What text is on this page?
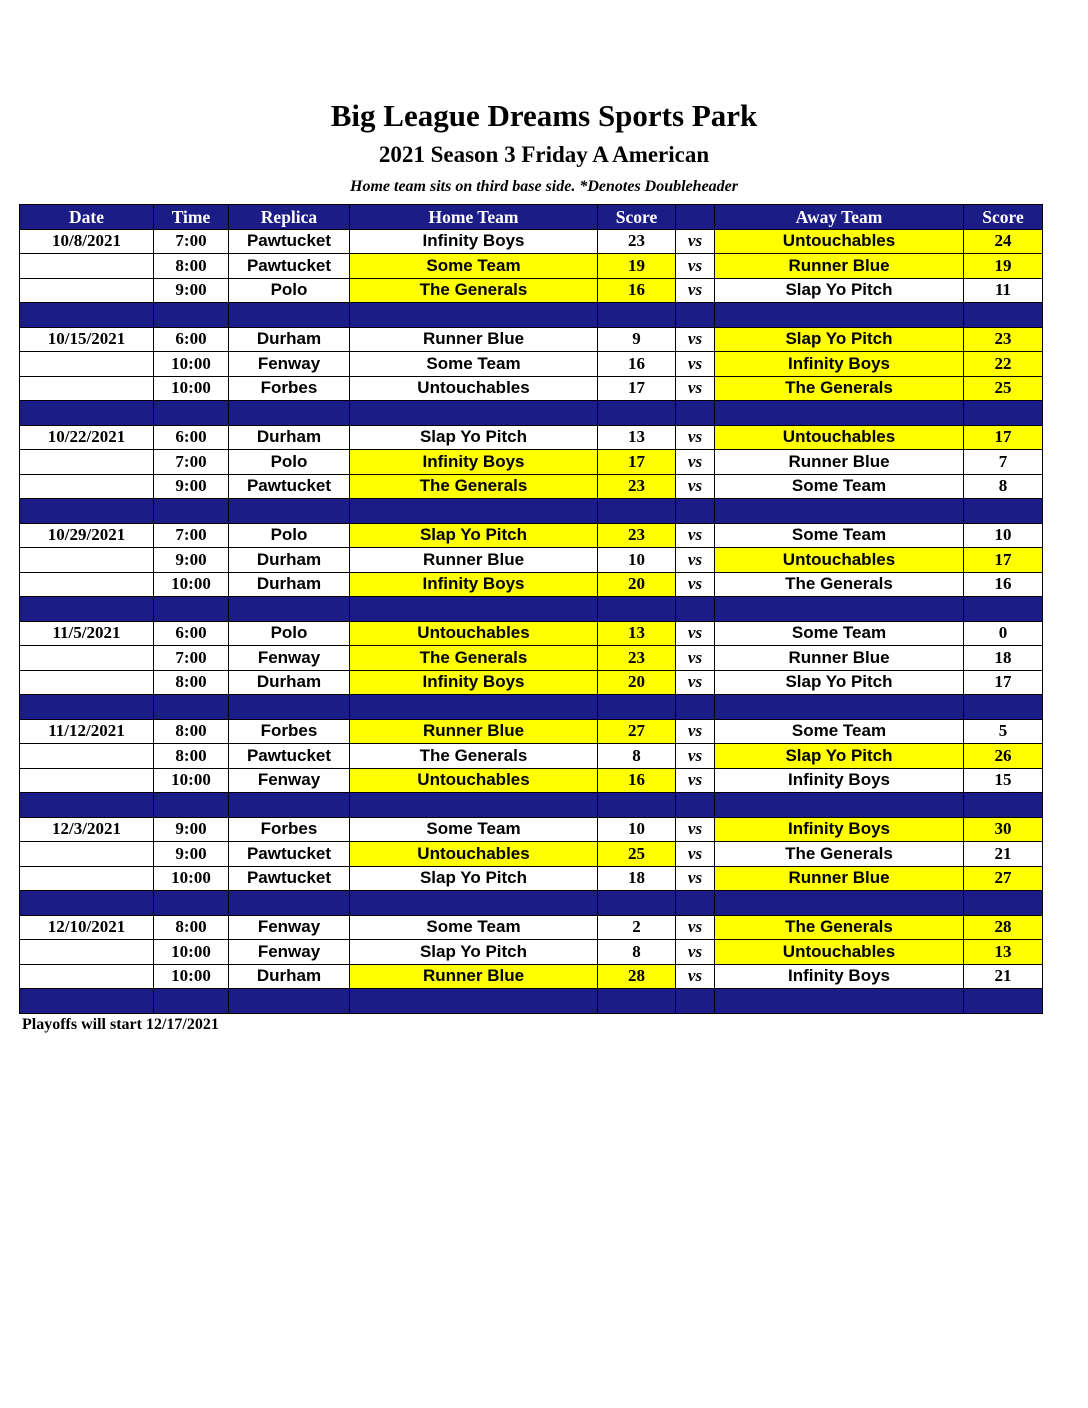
Big League Dreams Sports Park
2021 Season 3 Friday A American
Home team sits on third base side. *Denotes Doubleheader
Date	Time	Replica	Home Team	Score		Away Team	Score
10/8/2021	7:00	Pawtucket	Infinity Boys	23	vs	Untouchables	24
	8:00	Pawtucket	Some Team	19	vs	Runner Blue	19
	9:00	Polo	The Generals	16	vs	Slap Yo Pitch	11

10/15/2021	6:00	Durham	Runner Blue	9	vs	Slap Yo Pitch	23
	10:00	Fenway	Some Team	16	vs	Infinity Boys	22
	10:00	Forbes	Untouchables	17	vs	The Generals	25

10/22/2021	6:00	Durham	Slap Yo Pitch	13	vs	Untouchables	17
	7:00	Polo	Infinity Boys	17	vs	Runner Blue	7
	9:00	Pawtucket	The Generals	23	vs	Some Team	8

10/29/2021	7:00	Polo	Slap Yo Pitch	23	vs	Some Team	10
	9:00	Durham	Runner Blue	10	vs	Untouchables	17
	10:00	Durham	Infinity Boys	20	vs	The Generals	16

11/5/2021	6:00	Polo	Untouchables	13	vs	Some Team	0
	7:00	Fenway	The Generals	23	vs	Runner Blue	18
	8:00	Durham	Infinity Boys	20	vs	Slap Yo Pitch	17

11/12/2021	8:00	Forbes	Runner Blue	27	vs	Some Team	5
	8:00	Pawtucket	The Generals	8	vs	Slap Yo Pitch	26
	10:00	Fenway	Untouchables	16	vs	Infinity Boys	15

12/3/2021	9:00	Forbes	Some Team	10	vs	Infinity Boys	30
	9:00	Pawtucket	Untouchables	25	vs	The Generals	21
	10:00	Pawtucket	Slap Yo Pitch	18	vs	Runner Blue	27

12/10/2021	8:00	Fenway	Some Team	2	vs	The Generals	28
	10:00	Fenway	Slap Yo Pitch	8	vs	Untouchables	13
	10:00	Durham	Runner Blue	28	vs	Infinity Boys	21

Playoffs will start 12/17/2021
